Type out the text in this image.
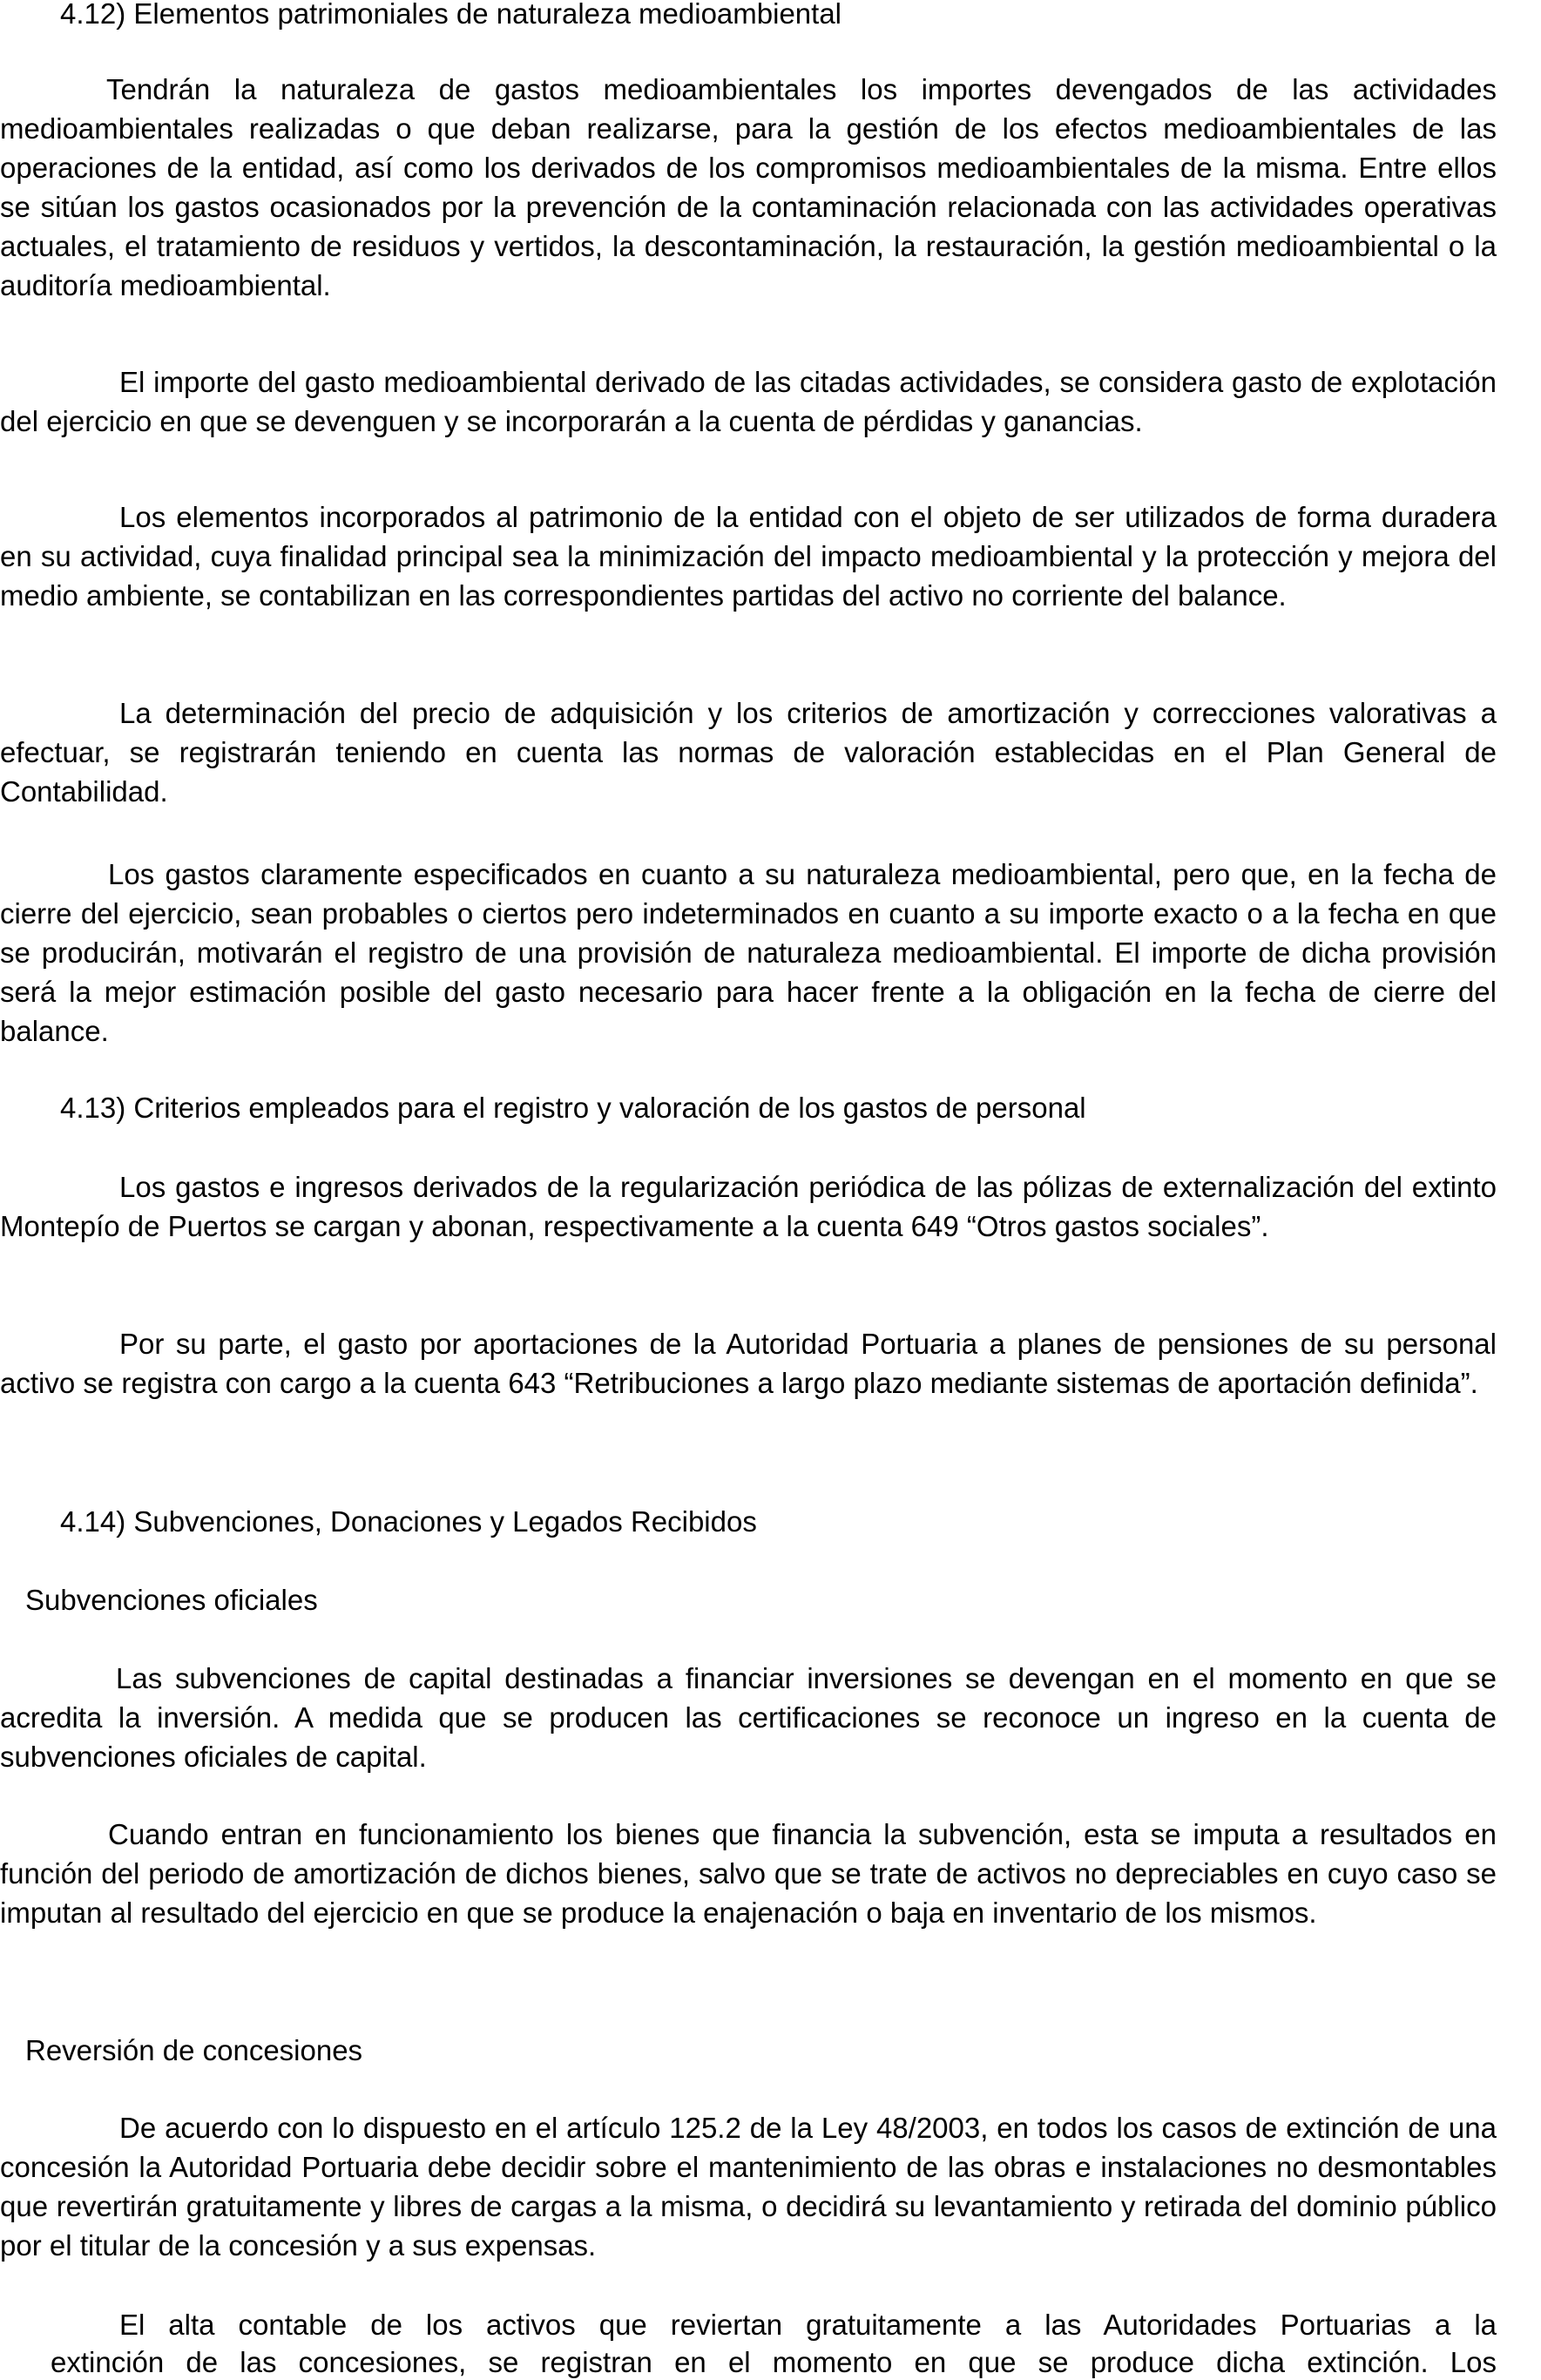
4.12) Elementos patrimoniales de naturaleza medioambiental

Tendrán la naturaleza de gastos medioambientales los importes devengados de las actividades medioambientales realizadas o que deban realizarse, para la gestión de los efectos medioambientales de las operaciones de la entidad, así como los derivados de los compromisos medioambientales de la misma. Entre ellos se sitúan los gastos ocasionados por la prevención de la contaminación relacionada con las actividades operativas actuales, el tratamiento de residuos y vertidos, la descontaminación, la restauración, la gestión medioambiental o la auditoría medioambiental.

El importe del gasto medioambiental derivado de las citadas actividades, se considera gasto de explotación del ejercicio en que se devenguen y se incorporarán a la cuenta de pérdidas y ganancias.

Los elementos incorporados al patrimonio de la entidad con el objeto de ser utilizados de forma duradera en su actividad, cuya finalidad principal sea la minimización del impacto medioambiental y la protección y mejora del medio ambiente, se contabilizan en las correspondientes partidas del activo no corriente del balance.

La determinación del precio de adquisición y los criterios de amortización y correcciones valorativas a efectuar, se registrarán teniendo en cuenta las normas de valoración establecidas en el Plan General de Contabilidad.

Los gastos claramente especificados en cuanto a su naturaleza medioambiental, pero que, en la fecha de cierre del ejercicio, sean probables o ciertos pero indeterminados en cuanto a su importe exacto o a la fecha en que se producirán, motivarán el registro de una provisión de naturaleza medioambiental. El importe de dicha provisión será la mejor estimación posible del gasto necesario para hacer frente a la obligación en la fecha de cierre del balance.

4.13) Criterios empleados para el registro y valoración de los gastos de personal

Los gastos e ingresos derivados de la regularización periódica de las pólizas de externalización del extinto Montepío de Puertos se cargan y abonan, respectivamente a la cuenta 649 “Otros gastos sociales”.

Por su parte, el gasto por aportaciones de la Autoridad Portuaria a planes de pensiones de su personal activo se registra con cargo a la cuenta 643 “Retribuciones a largo plazo mediante sistemas de aportación definida”.

4.14) Subvenciones, Donaciones y Legados Recibidos
Subvenciones oficiales

Las subvenciones de capital destinadas a financiar inversiones se devengan en el momento en que se acredita la inversión. A medida que se producen las certificaciones se reconoce un ingreso en la cuenta de subvenciones oficiales de capital.

Cuando entran en funcionamiento los bienes que financia la subvención, esta se imputa a resultados en función del periodo de amortización de dichos bienes, salvo que se trate de activos no depreciables en cuyo caso se imputan al resultado del ejercicio en que se produce la enajenación o baja en inventario de los mismos.

Reversión de concesiones

De acuerdo con lo dispuesto en el artículo 125.2 de la Ley 48/2003, en todos los casos de extinción de una concesión la Autoridad Portuaria debe decidir sobre el mantenimiento de las obras e instalaciones no desmontables que revertirán gratuitamente y libres de cargas a la misma, o decidirá su levantamiento y retirada del dominio público por el titular de la concesión y a sus expensas.

El alta contable de los activos que reviertan gratuitamente a las Autoridades Portuarias a la

extinción de las concesiones, se registran en el momento en que se produce dicha extinción. Los
